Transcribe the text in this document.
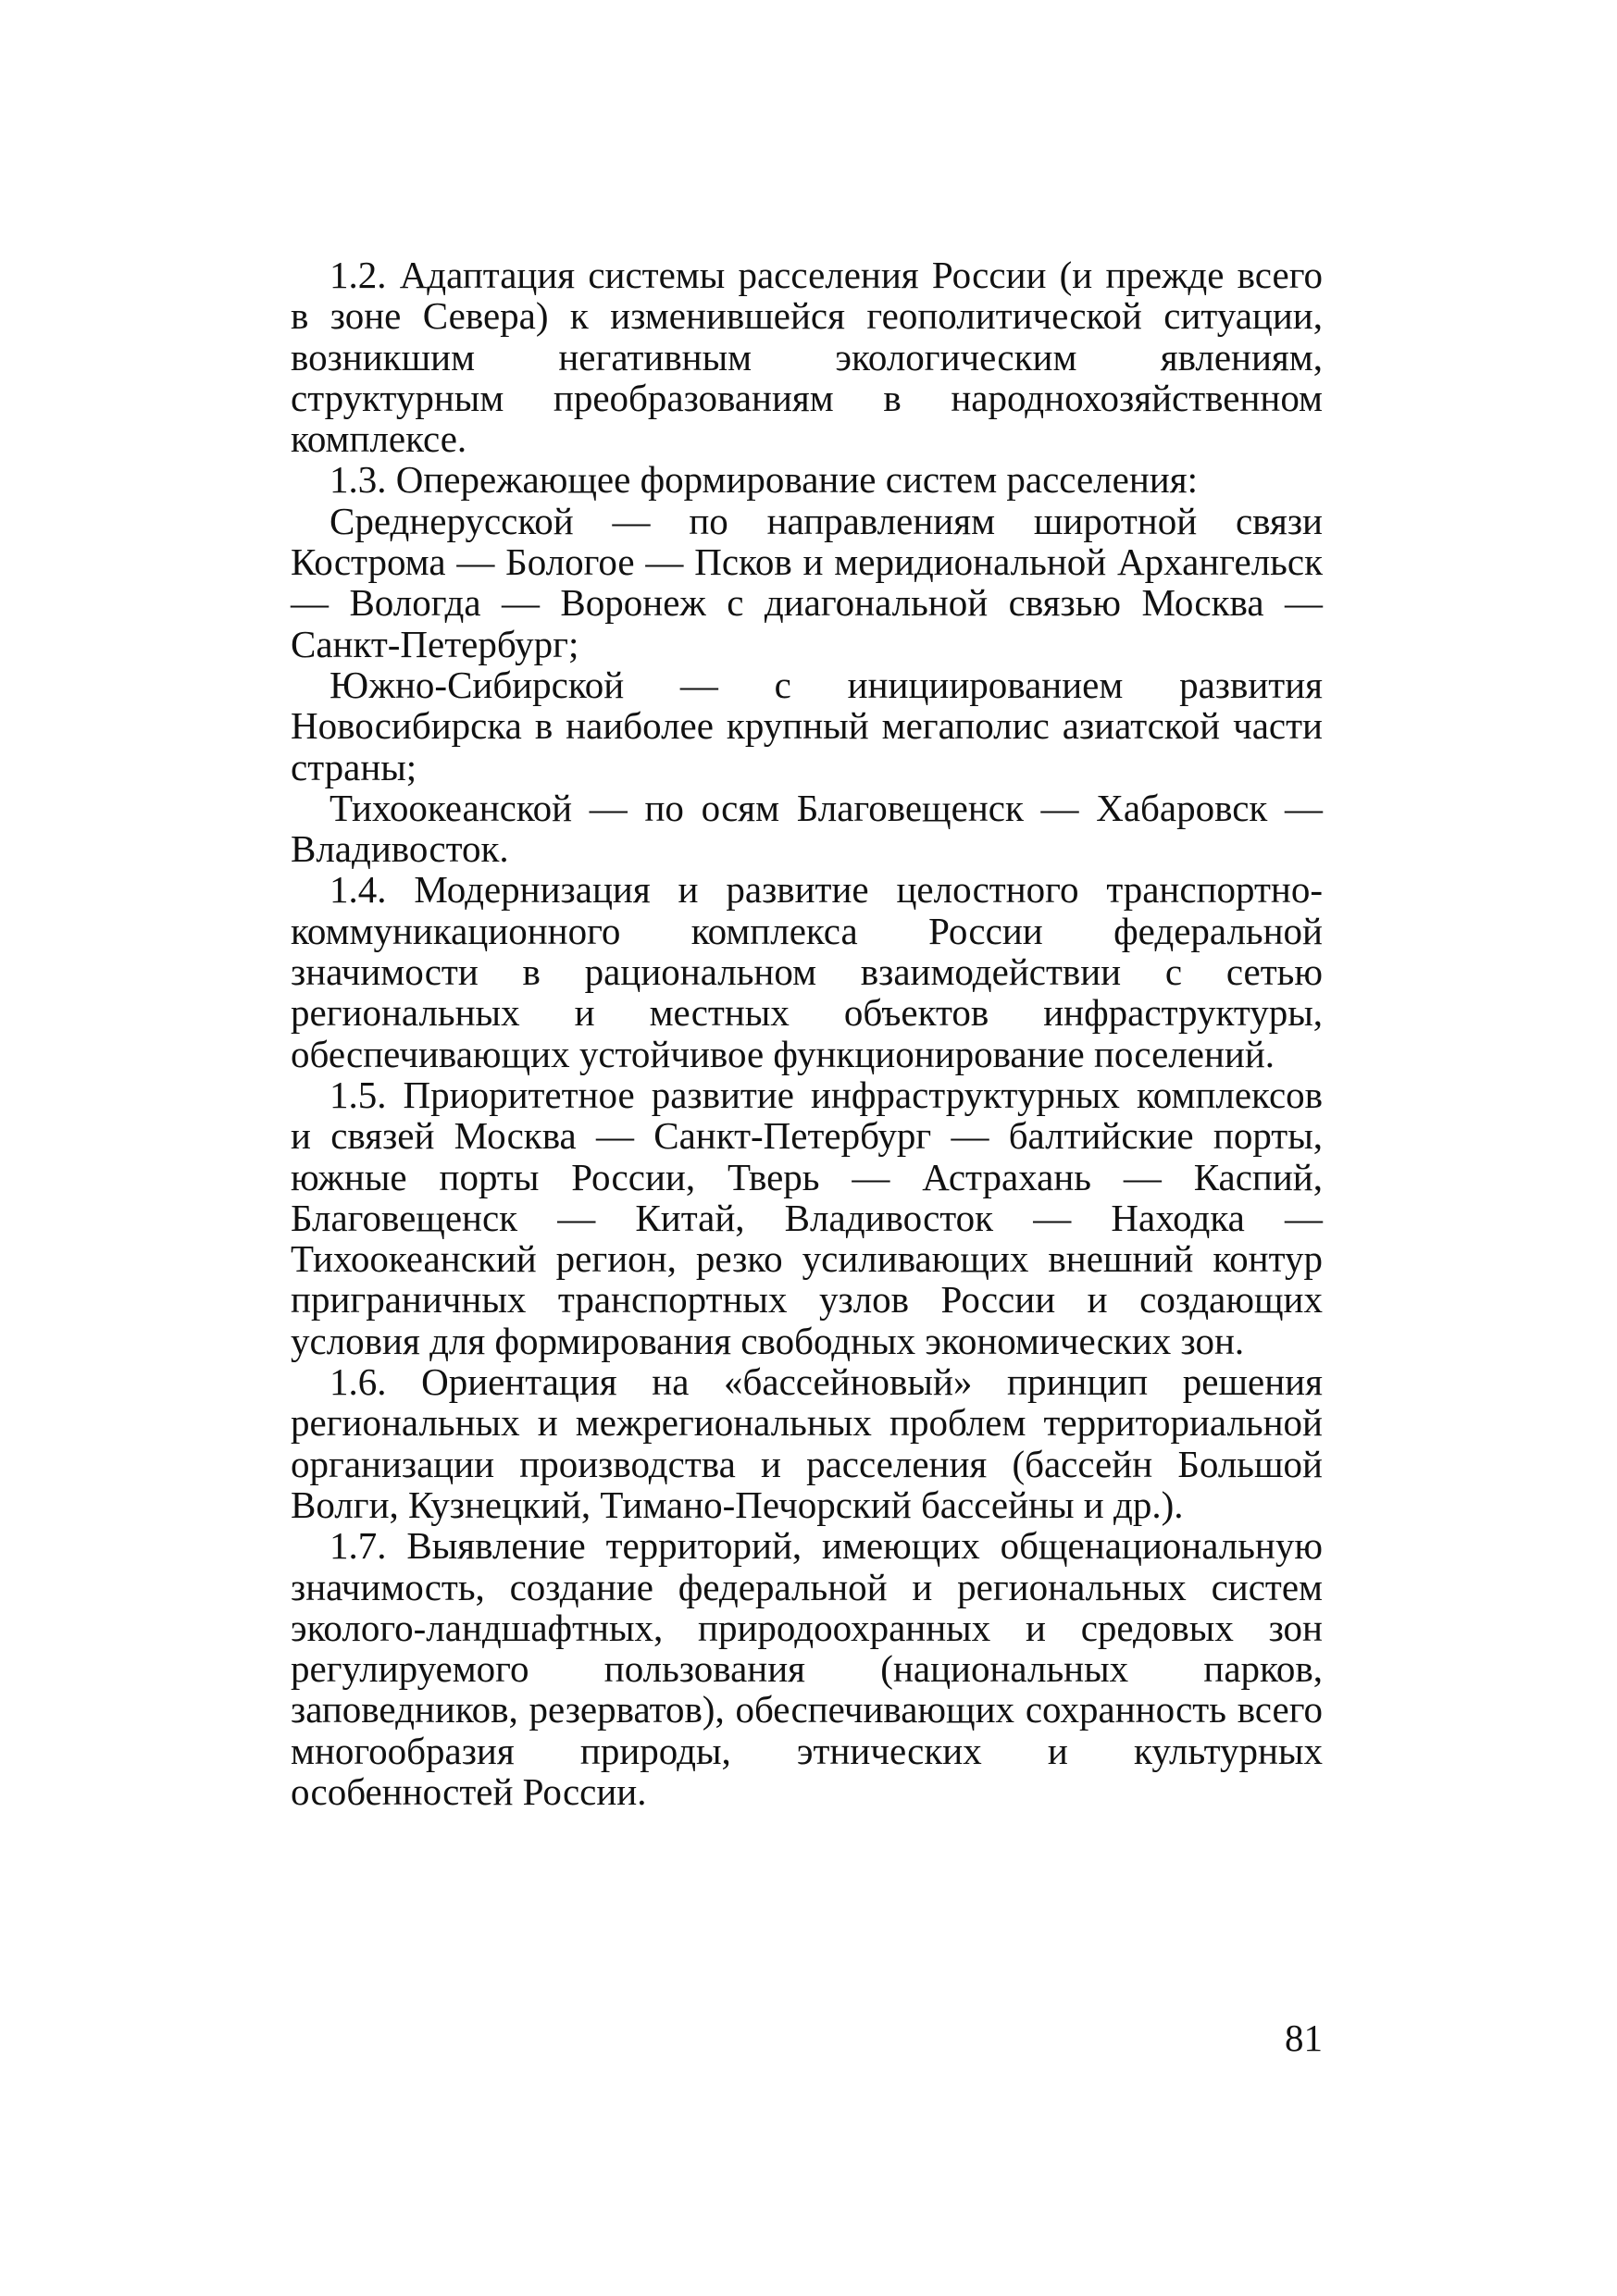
1.2. Адаптация системы расселения России (и прежде всего в зоне Севера) к изменившейся геополитической ситуации, возникшим негативным экологическим явлениям, структурным преобразованиям в народнохозяйственном комплексе.

1.3. Опережающее формирование систем расселения:

Среднерусской — по направлениям широтной связи Кострома — Бологое — Псков и меридиональной Архангельск — Вологда — Воронеж с диагональной связью Москва — Санкт-Петербург;

Южно-Сибирской — с инициированием развития Новосибирска в наиболее крупный мегаполис азиатской части страны;

Тихоокеанской — по осям Благовещенск — Хабаровск — Владивосток.

1.4. Модернизация и развитие целостного транспортно-коммуникационного комплекса России федеральной значимости в рациональном взаимодействии с сетью региональных и местных объектов инфраструктуры, обеспечивающих устойчивое функционирование поселений.

1.5. Приоритетное развитие инфраструктурных комплексов и связей Москва — Санкт-Петербург — балтийские порты, южные порты России, Тверь — Астрахань — Каспий, Благовещенск — Китай, Владивосток — Находка — Тихоокеанский регион, резко усиливающих внешний контур приграничных транспортных узлов России и создающих условия для формирования свободных экономических зон.

1.6. Ориентация на «бассейновый» принцип решения региональных и межрегиональных проблем территориальной организации производства и расселения (бассейн Большой Волги, Кузнецкий, Тимано-Печорский бассейны и др.).

1.7. Выявление территорий, имеющих общенациональную значимость, создание федеральной и региональных систем эколого-ландшафтных, природоохранных и средовых зон регулируемого пользования (национальных парков, заповедников, резерватов), обеспечивающих сохранность всего многообразия природы, этнических и культурных особенностей России.

81
